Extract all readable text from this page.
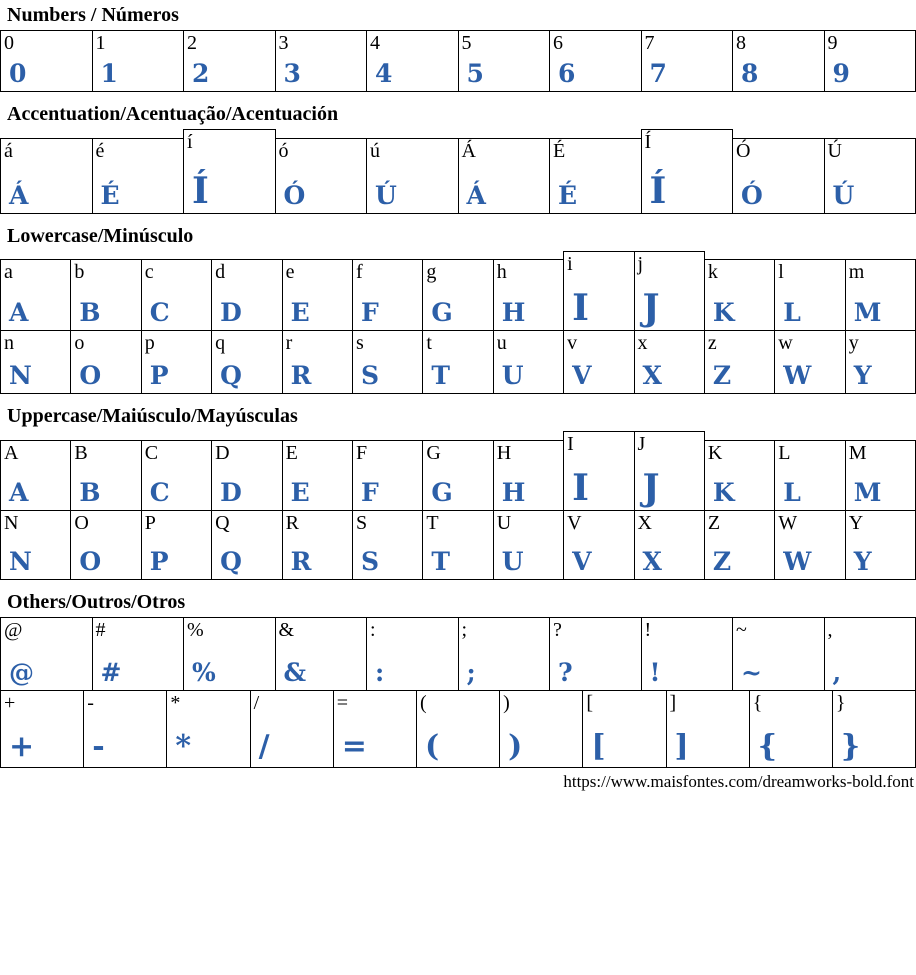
Numbers / Números
0
0
1
1
2
2
3
3
4
4
5
5
6
6
7
7
8
8
9
9
Accentuation/Acentuação/Acentuación
á
Á
é
É
í
Í
ó
Ó
ú
Ú
Á
Á
É
É
Í
Í
Ó
Ó
Ú
Ú
Lowercase/Minúsculo
a
A
b
B
c
C
d
D
e
E
f
F
g
G
h
H
i
I
j
J
k
K
l
L
m
M
n
N
o
O
p
P
q
Q
r
R
s
S
t
T
u
U
v
V
x
X
z
Z
w
W
y
Y
Uppercase/Maiúsculo/Mayúsculas
A
A
B
B
C
C
D
D
E
E
F
F
G
G
H
H
I
I
J
J
K
K
L
L
M
M
N
N
O
O
P
P
Q
Q
R
R
S
S
T
T
U
U
V
V
X
X
Z
Z
W
W
Y
Y
Others/Outros/Otros
@
@
#
#
%
%
&
&
:
:
;
;
?
?
!
!
~
~
,
,
+
+
-
-
*
*
/
/
=
=
(
(
)
)
[
[
]
]
{
{
}
}
https://www.maisfontes.com/dreamworks-bold.font
